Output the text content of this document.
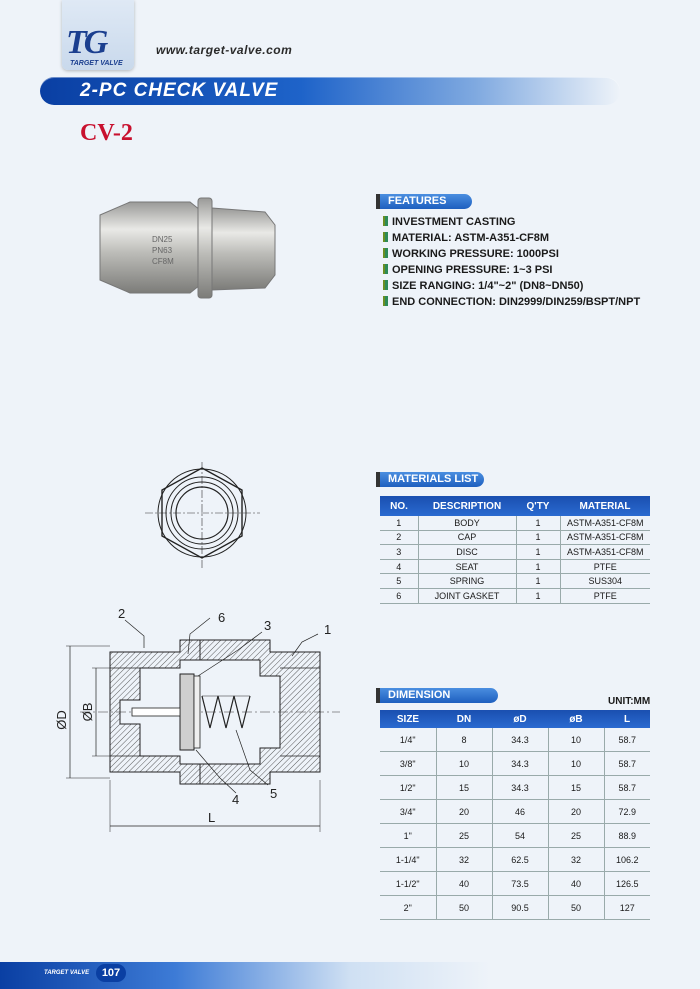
TG
TARGET VALVE
www.target-valve.com
2-PC CHECK VALVE
CV-2
DN25
PN63
CF8M
FEATURES
INVESTMENT CASTING
MATERIAL: ASTM-A351-CF8M
WORKING PRESSURE: 1000PSI
OPENING PRESSURE: 1~3 PSI
SIZE RANGING: 1/4"~2" (DN8~DN50)
END CONNECTION: DIN2999/DIN259/BSPT/NPT
2	6
3	1
4 5
ØD ØB
L
MATERIALS LIST
NO.	DESCRIPTION	Q'TY	MATERIAL
1	BODY	1	ASTM-A351-CF8M
2	CAP	1	ASTM-A351-CF8M
3	DISC	1	ASTM-A351-CF8M
4	SEAT	1	PTFE
5	SPRING	1	SUS304
6	JOINT GASKET	1	PTFE
DIMENSION
UNIT:MM
SIZE	DN	øD	øB	L
1/4"	8	34.3	10	58.7
3/8"	10	34.3	10	58.7
1/2"	15	34.3	15	58.7
3/4"	20	46	20	72.9
1"	25	54	25	88.9
1-1/4"	32	62.5	32	106.2
1-1/2"	40	73.5	40	126.5
2"	50	90.5	50	127
TARGET VALVE	107
